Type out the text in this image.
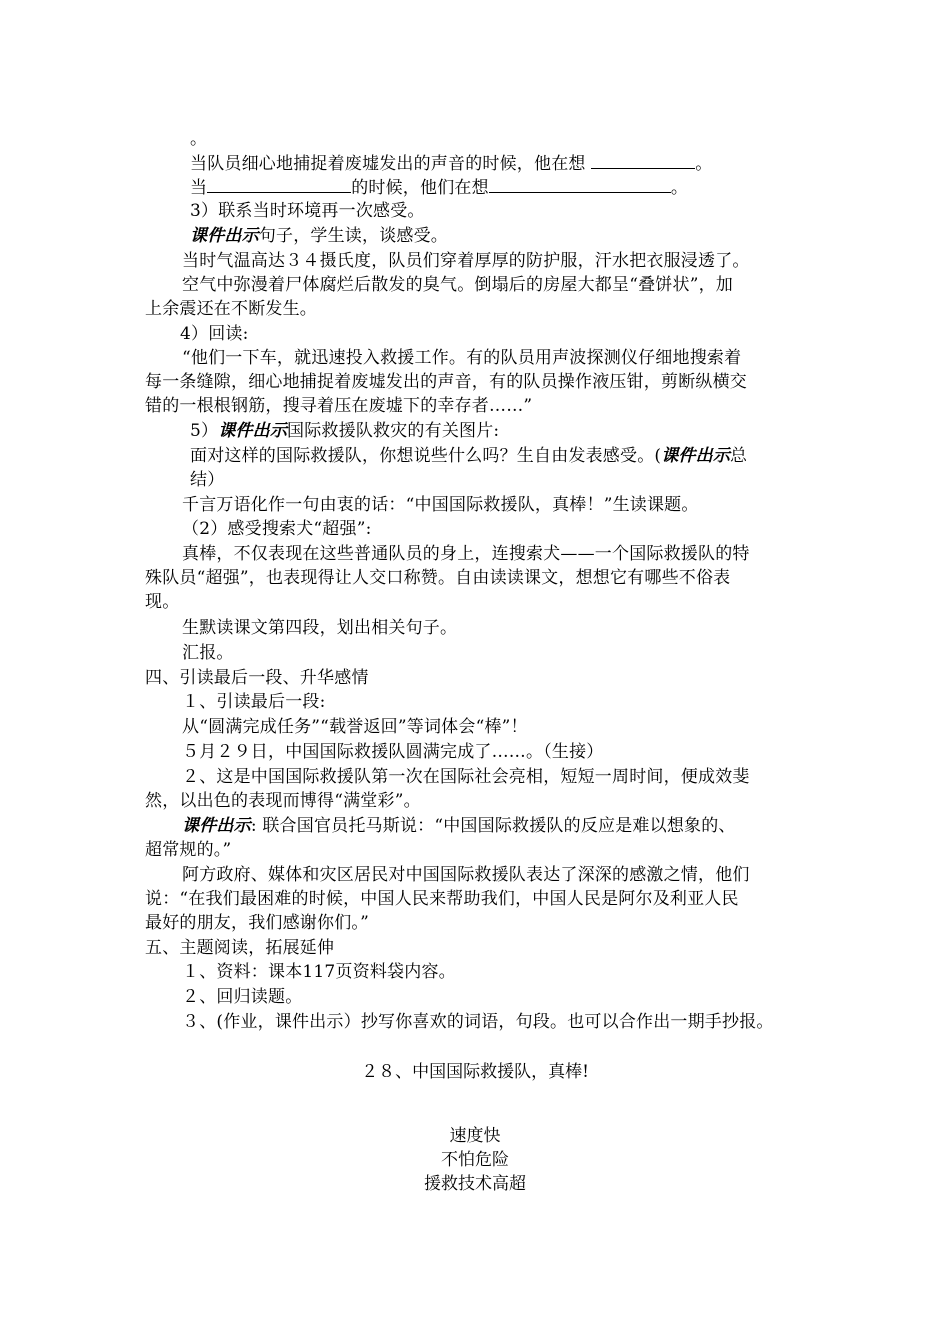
。
当队员细心地捕捉着废墟发出的声音的时候，他在想	。
当	的时候，他们在想	。
3）联系当时环境再一次感受。
课件出示句子，学生读，谈感受。
当时气温高达３４摄氏度，队员们穿着厚厚的防护服，汗水把衣服浸透了。
空气中弥漫着尸体腐烂后散发的臭气。倒塌后的房屋大都呈“叠饼状”，加
上余震还在不断发生。
4）回读:
“他们一下车，就迅速投入救援工作。有的队员用声波探测仪仔细地搜索着
每一条缝隙，细心地捕捉着废墟发出的声音，有的队员操作液压钳，剪断纵横交
错的一根根钢筋，搜寻着压在废墟下的幸存者……”
5）课件出示国际救援队救灾的有关图片:
面对这样的国际救援队，你想说些什么吗？生自由发表感受。(课件出示总
结）
千言万语化作一句由衷的话：“中国国际救援队，真棒！”生读课题。
（2）感受搜索犬“超强”:
真棒，不仅表现在这些普通队员的身上，连搜索犬——一个国际救援队的特
殊队员“超强”，也表现得让人交口称赞。自由读读课文，想想它有哪些不俗表
现。
生默读课文第四段，划出相关句子。
汇报。
四、引读最后一段、升华感情
１、引读最后一段:
从“圆满完成任务”“载誉返回”等词体会“棒”！
５月２９日，中国国际救援队圆满完成了……。（生接）
２、这是中国国际救援队第一次在国际社会亮相，短短一周时间，便成效斐
然，以出色的表现而博得“满堂彩”。
课件出示: 联合国官员托马斯说：“中国国际救援队的反应是难以想象的、
超常规的。”
阿方政府、媒体和灾区居民对中国国际救援队表达了深深的感激之情，他们
说：“在我们最困难的时候，中国人民来帮助我们，中国人民是阿尔及利亚人民
最好的朋友，我们感谢你们。”
五、主题阅读，拓展延伸
１、资料：课本117页资料袋内容。
２、回归读题。
３、(作业，课件出示）抄写你喜欢的词语，句段。也可以合作出一期手抄报。
２８、中国国际救援队，真棒!
速度快
不怕危险
援救技术高超
